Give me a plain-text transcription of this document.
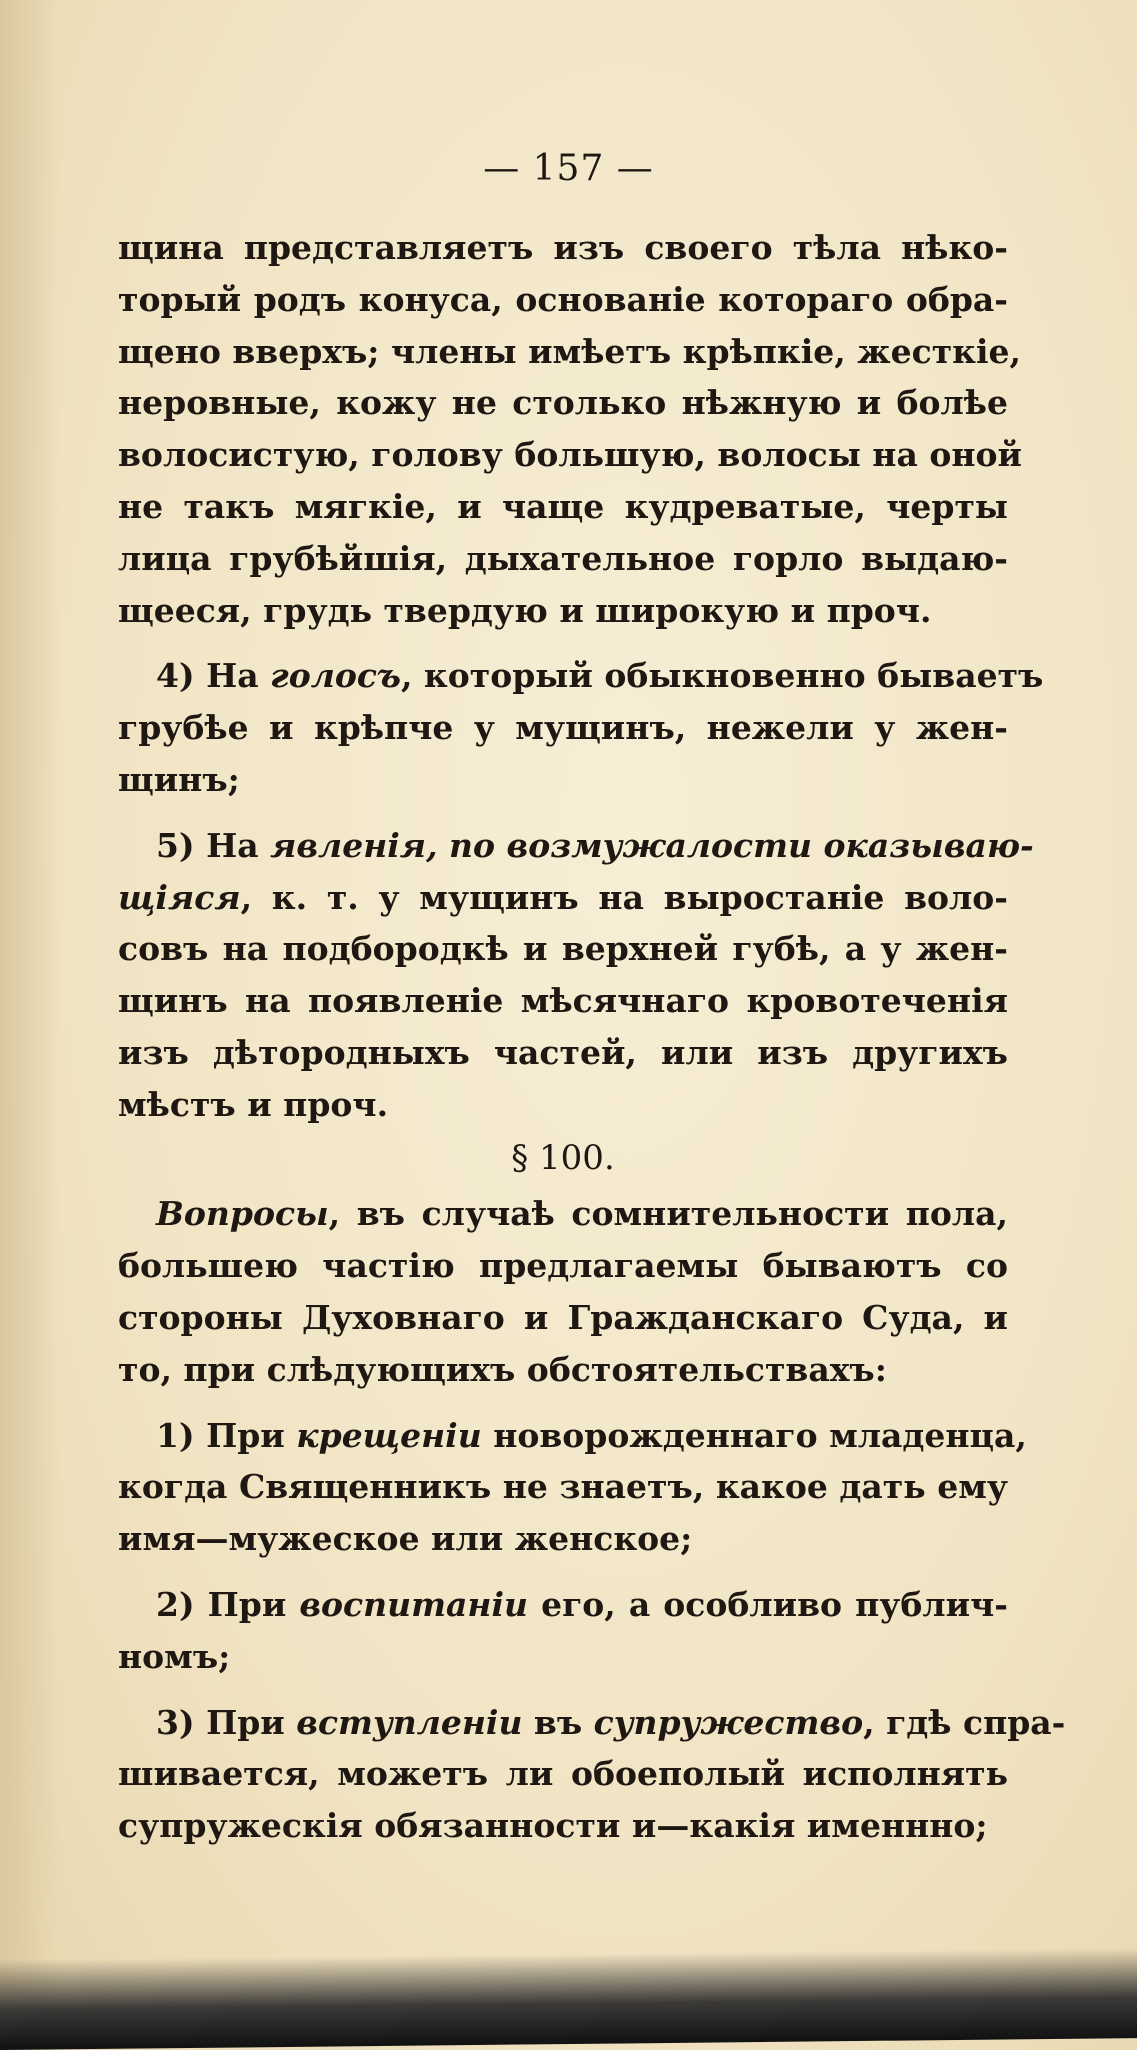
— 157 —
щина представляетъ изъ своего тѣла нѣко-
торый родъ конуса, основаніе котораго обра-
щено вверхъ; члены имѣетъ крѣпкіе, жесткіе,
неровные, кожу не столько нѣжную и болѣе
волосистую, голову большую, волосы на оной
не такъ мягкіе, и чаще кудреватые, черты
лица грубѣйшія, дыхательное горло выдаю-
щееся, грудь твердую и широкую и проч.
4) На голосъ, который обыкновенно бываетъ
грубѣе и крѣпче у мущинъ, нежели у жен-
щинъ;
5) На явленія, по возмужалости оказываю-
щіяся, к. т. у мущинъ на выростаніе воло-
совъ на подбородкѣ и верхней губѣ, а у жен-
щинъ на появленіе мѣсячнаго кровотеченія
изъ дѣтородныхъ частей, или изъ другихъ
мѣстъ и проч.
§ 100.
Вопросы, въ случаѣ сомнительности пола,
большею частію предлагаемы бываютъ со
стороны Духовнаго и Гражданскаго Суда, и
то, при слѣдующихъ обстоятельствахъ:
1) При крещеніи новорожденнаго младенца,
когда Священникъ не знаетъ, какое дать ему
имя—мужеское или женское;
2) При воспитаніи его, а особливо публич-
номъ;
3) При вступленіи въ супружество, гдѣ спра-
шивается, можетъ ли обоеполый исполнять
супружескія обязанности и—какія именнно;
